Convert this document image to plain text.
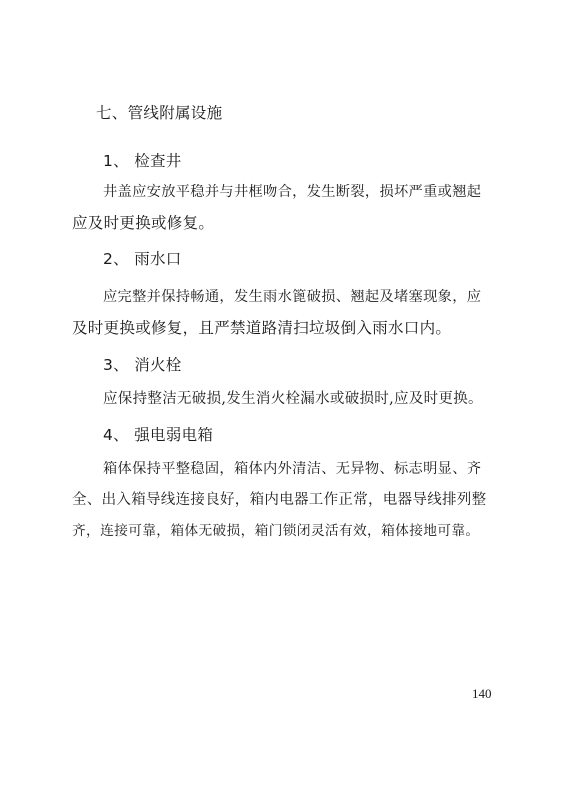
七、管线附属设施
1、 检查井
井盖应安放平稳并与井框吻合，发生断裂，损坏严重或翘起
应及时更换或修复。
2、 雨水口
应完整并保持畅通，发生雨水篦破损、翘起及堵塞现象，应
及时更换或修复，且严禁道路清扫垃圾倒入雨水口内。
3、 消火栓
应保持整洁无破损,发生消火栓漏水或破损时,应及时更换。
4、 强电弱电箱
箱体保持平整稳固，箱体内外清洁、无异物、标志明显、齐
全、出入箱导线连接良好，箱内电器工作正常，电器导线排列整
齐，连接可靠，箱体无破损，箱门锁闭灵活有效，箱体接地可靠。
140
